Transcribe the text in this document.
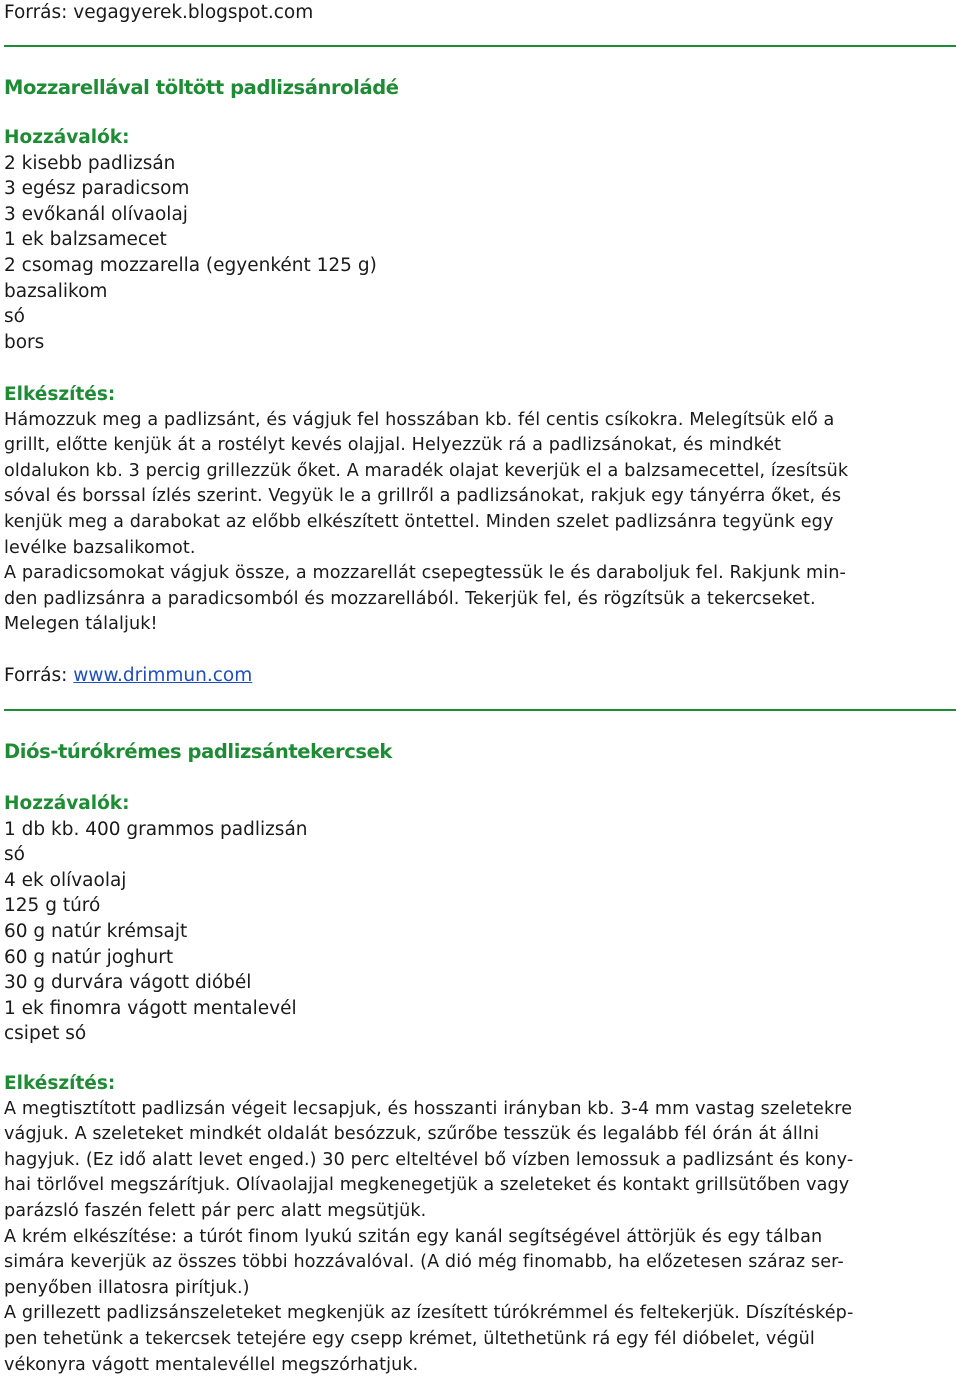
Forrás: vegagyerek.blogspot.com
Mozzarellával töltött padlizsánroládé
Hozzávalók:
2 kisebb padlizsán
3 egész paradicsom
3 evőkanál olívaolaj
1 ek balzsamecet
2 csomag mozzarella (egyenként 125 g)
bazsalikom
só
bors
Elkészítés:

Hámozzuk meg a padlizsánt, és vágjuk fel hosszában kb. fél centis csíkokra. Melegítsük elő a

grillt, előtte kenjük át a rostélyt kevés olajjal. Helyezzük rá a padlizsánokat, és mindkét

oldalukon kb. 3 percig grillezzük őket. A maradék olajat keverjük el a balzsamecettel, ízesítsük

sóval és borssal ízlés szerint. Vegyük le a grillről a padlizsánokat, rakjuk egy tányérra őket, és

kenjük meg a darabokat az előbb elkészített öntettel. Minden szelet padlizsánra tegyünk egy

levélke bazsalikomot.

A paradicsomokat vágjuk össze, a mozzarellát csepegtessük le és daraboljuk fel. Rakjunk min-

den padlizsánra a paradicsomból és mozzarellából. Tekerjük fel, és rögzítsük a tekercseket.

Melegen tálaljuk!

Forrás: www.drimmun.com
Diós-túrókrémes padlizsántekercsek
Hozzávalók:
1 db kb. 400 grammos padlizsán
só
4 ek olívaolaj
125 g túró
60 g natúr krémsajt
60 g natúr joghurt
30 g durvára vágott dióbél
1 ek finomra vágott mentalevél
csipet só
Elkészítés:

A megtisztított padlizsán végeit lecsapjuk, és hosszanti irányban kb. 3-4 mm vastag szeletekre

vágjuk. A szeleteket mindkét oldalát besózzuk, szűrőbe tesszük és legalább fél órán át állni

hagyjuk. (Ez idő alatt levet enged.) 30 perc elteltével bő vízben lemossuk a padlizsánt és kony-

hai törlővel megszárítjuk. Olívaolajjal megkenegetjük a szeleteket és kontakt grillsütőben vagy

parázsló faszén felett pár perc alatt megsütjük.

A krém elkészítése: a túrót finom lyukú szitán egy kanál segítségével áttörjük és egy tálban

simára keverjük az összes többi hozzávalóval. (A dió még finomabb, ha előzetesen száraz ser-

penyőben illatosra pirítjuk.)

A grillezett padlizsánszeleteket megkenjük az ízesített túrókrémmel és feltekerjük. Díszítéskép-

pen tehetünk a tekercsek tetejére egy csepp krémet, ültethetünk rá egy fél dióbelet, végül

vékonyra vágott mentalevéllel megszórhatjuk.
